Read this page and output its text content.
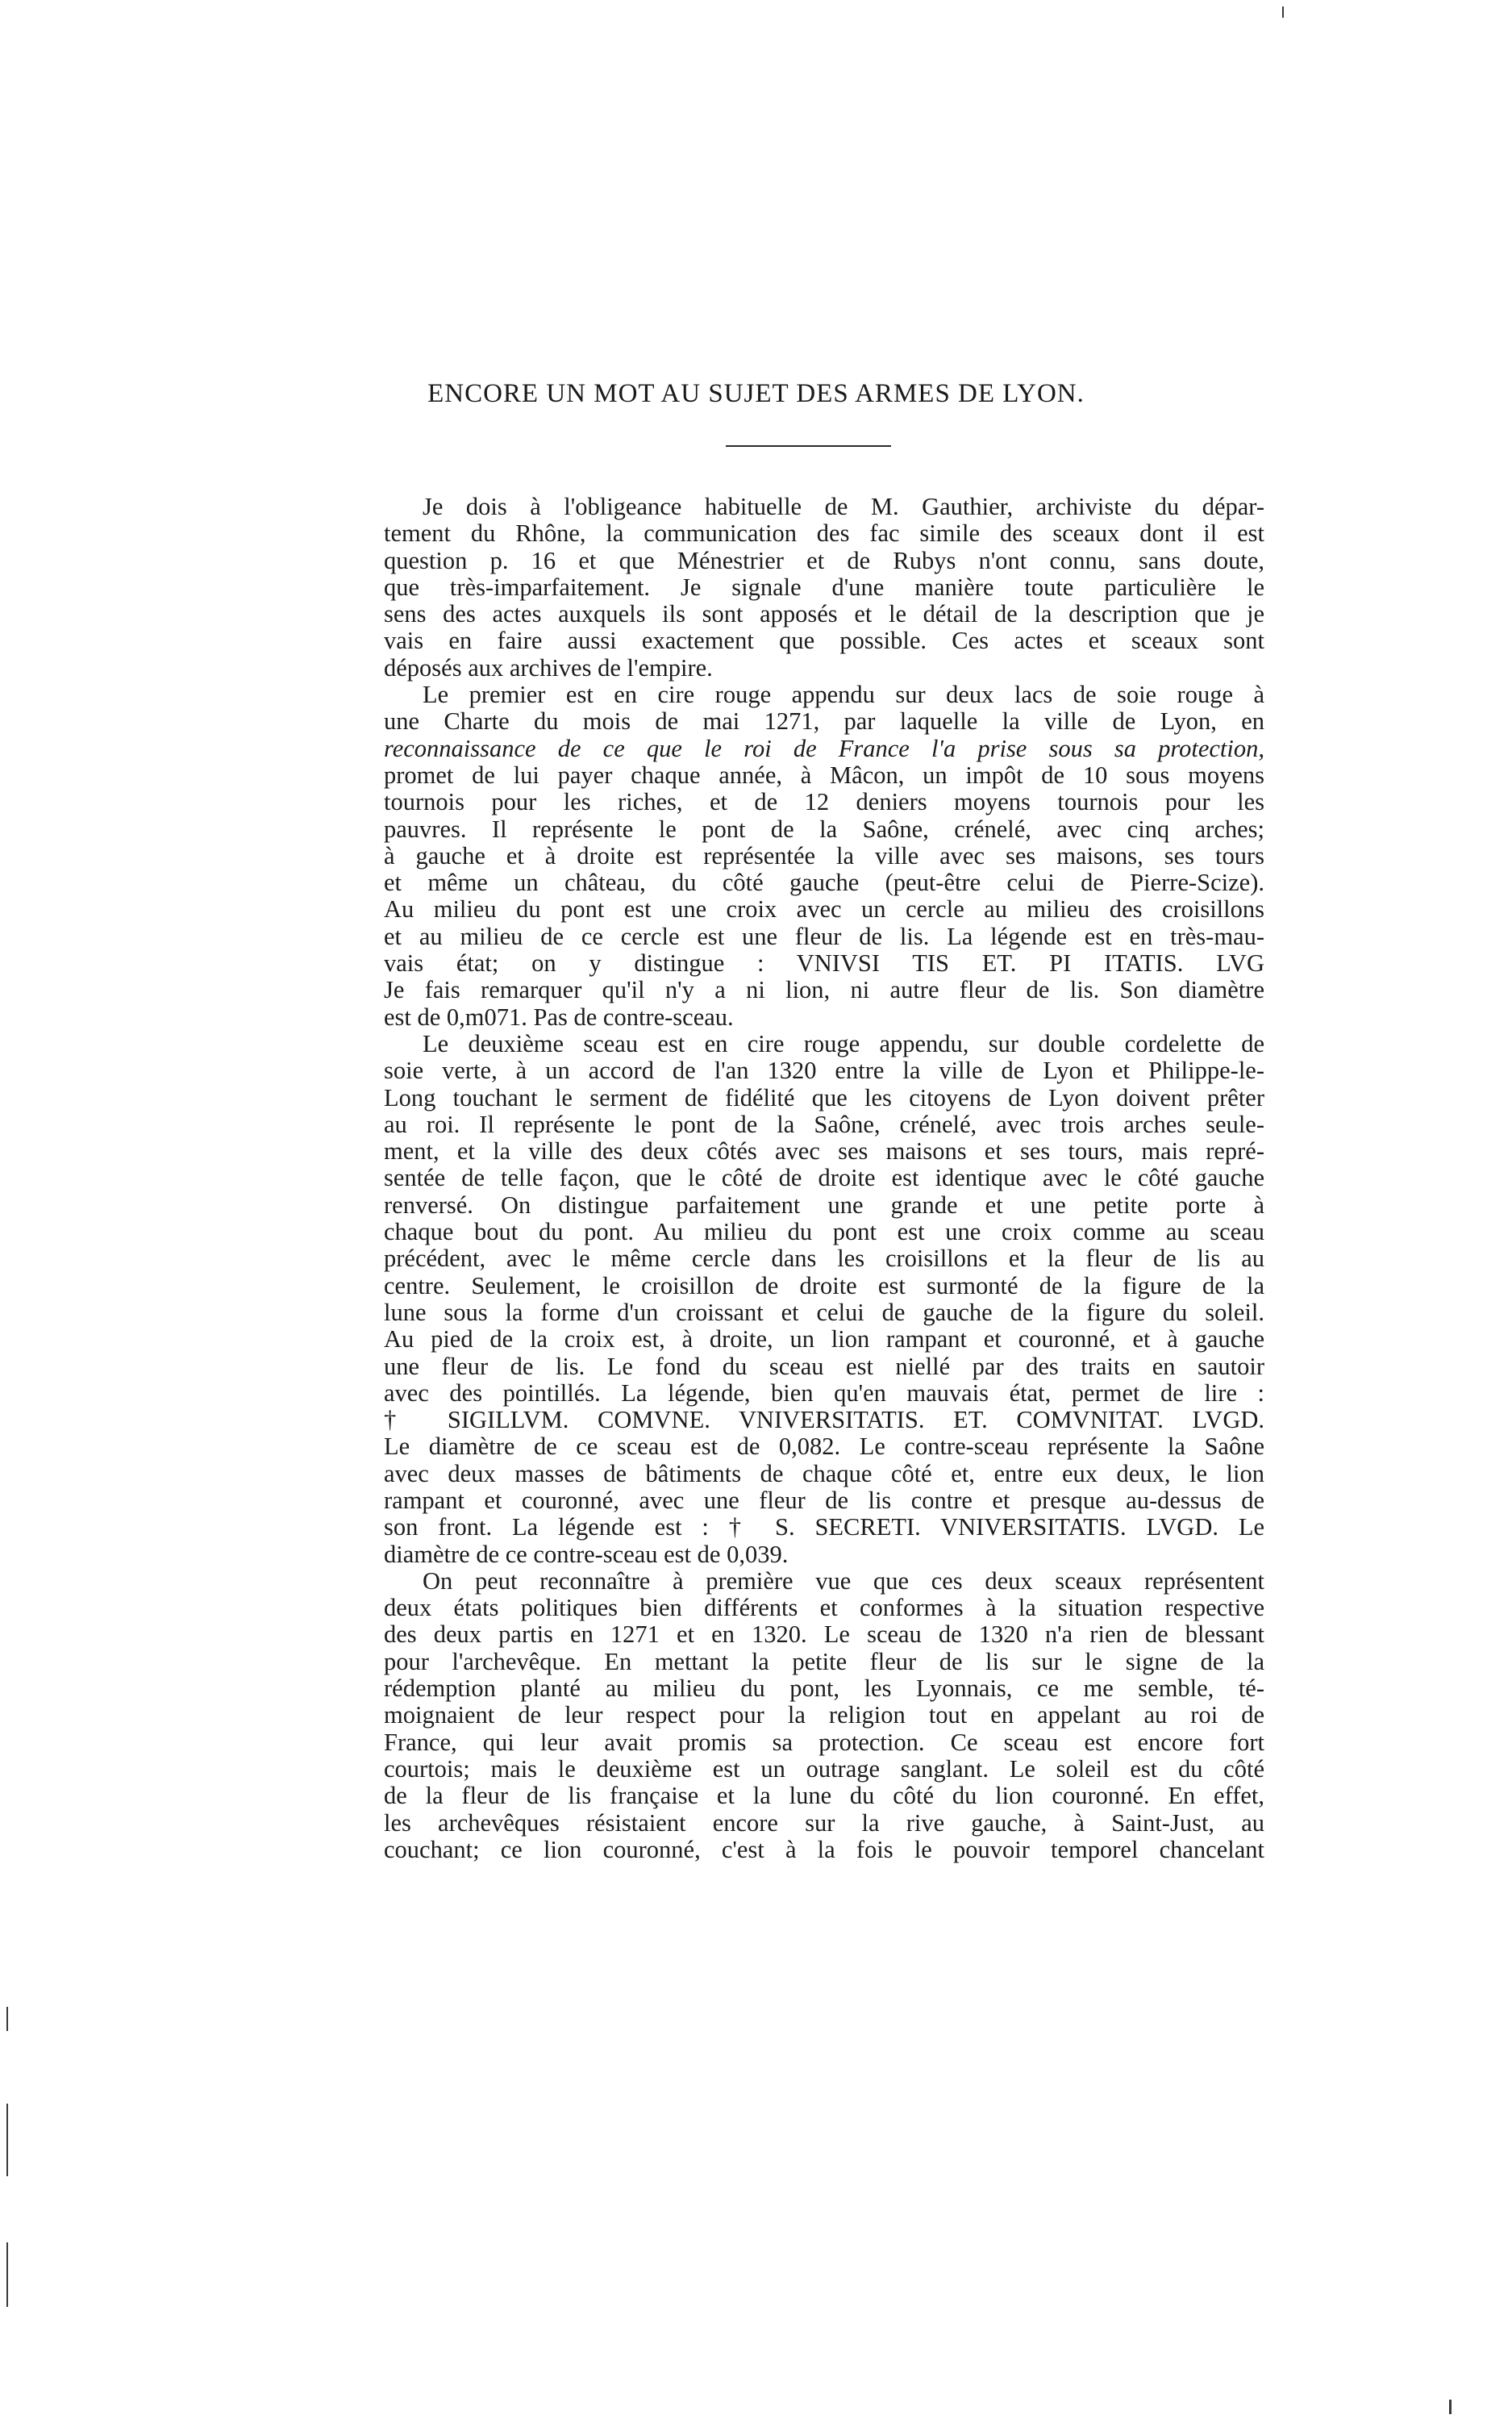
ENCORE UN MOT AU SUJET DES ARMES DE LYON.
Je dois à l'obligeance habituelle de M. Gauthier, archiviste du dépar-
tement du Rhône, la communication des fac simile des sceaux dont il est
question p. 16 et que Ménestrier et de Rubys n'ont connu, sans doute,
que très-imparfaitement. Je signale d'une manière toute particulière le
sens des actes auxquels ils sont apposés et le détail de la description que je
vais en faire aussi exactement que possible. Ces actes et sceaux sont
déposés aux archives de l'empire.
Le premier est en cire rouge appendu sur deux lacs de soie rouge à
une Charte du mois de mai 1271, par laquelle la ville de Lyon, en
reconnaissance de ce que le roi de France l'a prise sous sa protection,
promet de lui payer chaque année, à Mâcon, un impôt de 10 sous moyens
tournois pour les riches, et de 12 deniers moyens tournois pour les
pauvres. Il représente le pont de la Saône, crénelé, avec cinq arches;
à gauche et à droite est représentée la ville avec ses maisons, ses tours
et même un château, du côté gauche (peut-être celui de Pierre-Scize).
Au milieu du pont est une croix avec un cercle au milieu des croisillons
et au milieu de ce cercle est une fleur de lis. La légende est en très-mau-
vais état; on y distingue : VNIVSI TIS ET. PI ITATIS. LVG
Je fais remarquer qu'il n'y a ni lion, ni autre fleur de lis. Son diamètre
est de 0,m071. Pas de contre-sceau.
Le deuxième sceau est en cire rouge appendu, sur double cordelette de
soie verte, à un accord de l'an 1320 entre la ville de Lyon et Philippe-le-
Long touchant le serment de fidélité que les citoyens de Lyon doivent prêter
au roi. Il représente le pont de la Saône, crénelé, avec trois arches seule-
ment, et la ville des deux côtés avec ses maisons et ses tours, mais repré-
sentée de telle façon, que le côté de droite est identique avec le côté gauche
renversé. On distingue parfaitement une grande et une petite porte à
chaque bout du pont. Au milieu du pont est une croix comme au sceau
précédent, avec le même cercle dans les croisillons et la fleur de lis au
centre. Seulement, le croisillon de droite est surmonté de la figure de la
lune sous la forme d'un croissant et celui de gauche de la figure du soleil.
Au pied de la croix est, à droite, un lion rampant et couronné, et à gauche
une fleur de lis. Le fond du sceau est niellé par des traits en sautoir
avec des pointillés. La légende, bien qu'en mauvais état, permet de lire :
† SIGILLVM. COMVNE. VNIVERSITATIS. ET. COMVNITAT. LVGD.
Le diamètre de ce sceau est de 0,082. Le contre-sceau représente la Saône
avec deux masses de bâtiments de chaque côté et, entre eux deux, le lion
rampant et couronné, avec une fleur de lis contre et presque au-dessus de
son front. La légende est : † S. SECRETI. VNIVERSITATIS. LVGD. Le
diamètre de ce contre-sceau est de 0,039.
On peut reconnaître à première vue que ces deux sceaux représentent
deux états politiques bien différents et conformes à la situation respective
des deux partis en 1271 et en 1320. Le sceau de 1320 n'a rien de blessant
pour l'archevêque. En mettant la petite fleur de lis sur le signe de la
rédemption planté au milieu du pont, les Lyonnais, ce me semble, té-
moignaient de leur respect pour la religion tout en appelant au roi de
France, qui leur avait promis sa protection. Ce sceau est encore fort
courtois; mais le deuxième est un outrage sanglant. Le soleil est du côté
de la fleur de lis française et la lune du côté du lion couronné. En effet,
les archevêques résistaient encore sur la rive gauche, à Saint-Just, au
couchant; ce lion couronné, c'est à la fois le pouvoir temporel chancelant
